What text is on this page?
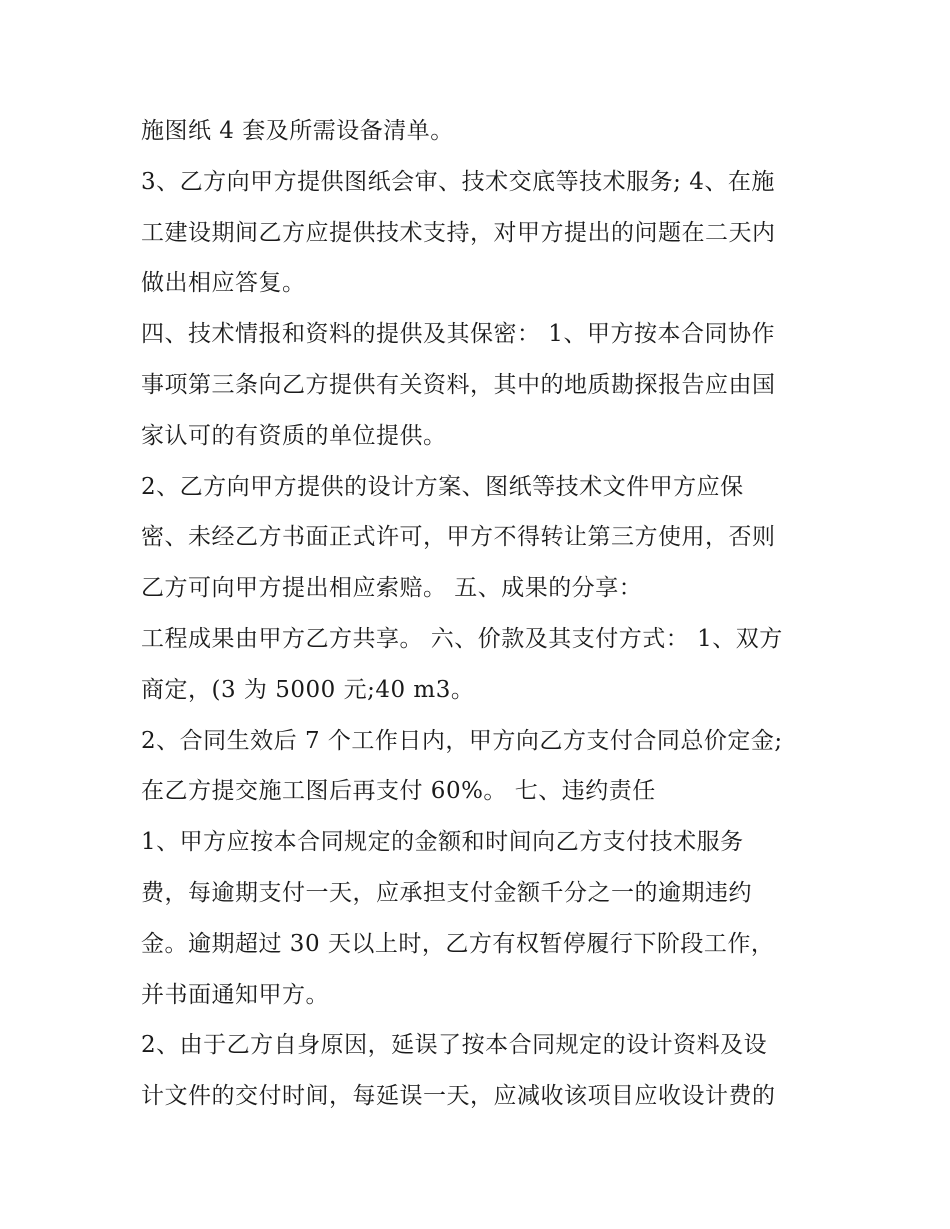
施图纸 4 套及所需设备清单。
3、乙方向甲方提供图纸会审、技术交底等技术服务; 4、在施
工建设期间乙方应提供技术支持，对甲方提出的问题在二天内
做出相应答复。
四、技术情报和资料的提供及其保密： 1、甲方按本合同协作
事项第三条向乙方提供有关资料，其中的地质勘探报告应由国
家认可的有资质的单位提供。
2、乙方向甲方提供的设计方案、图纸等技术文件甲方应保
密、未经乙方书面正式许可，甲方不得转让第三方使用，否则
乙方可向甲方提出相应索赔。 五、成果的分享：
工程成果由甲方乙方共享。 六、价款及其支付方式： 1、双方
商定，(3 为 5000 元;40 m3。
2、合同生效后 7 个工作日内，甲方向乙方支付合同总价定金;
在乙方提交施工图后再支付 60%。 七、违约责任
1、甲方应按本合同规定的金额和时间向乙方支付技术服务
费，每逾期支付一天，应承担支付金额千分之一的逾期违约
金。逾期超过 30 天以上时，乙方有权暂停履行下阶段工作，
并书面通知甲方。
2、由于乙方自身原因，延误了按本合同规定的设计资料及设
计文件的交付时间，每延误一天，应减收该项目应收设计费的
